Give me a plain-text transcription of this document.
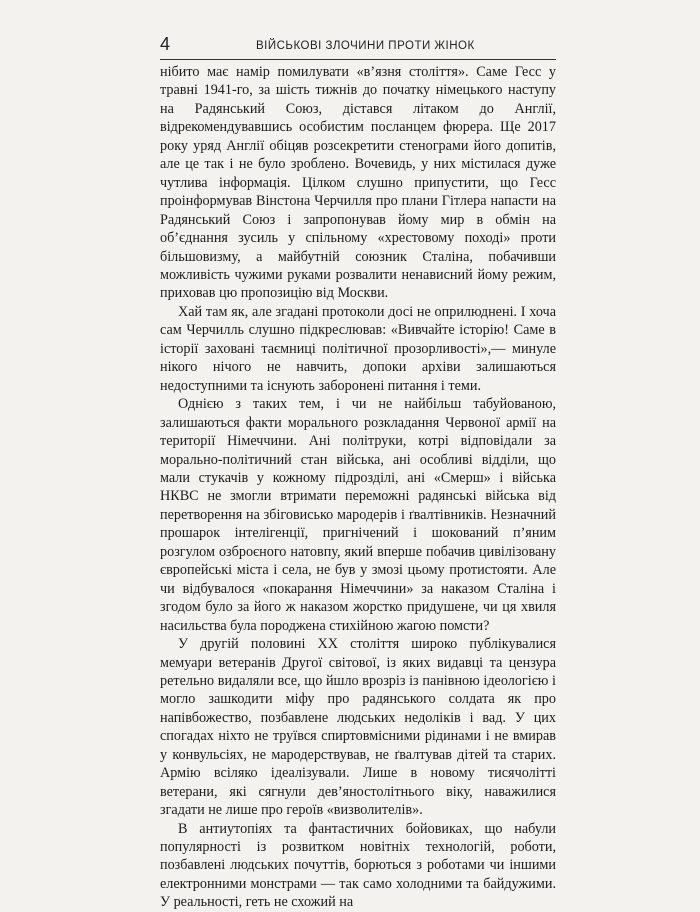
4	ВІЙСЬКОВІ ЗЛОЧИНИ ПРОТИ ЖІНОК

нібито має намір помилувати «в’язня століття». Саме Гесс у травні 1941-го, за шість тижнів до початку німецького наступу на Радянський Союз, дістався літаком до Англії, відрекомендувавшись особистим посланцем фюрера. Ще 2017 року уряд Англії обіцяв розсекретити стенограми його допитів, але це так і не було зроблено. Вочевидь, у них містилася дуже чутлива інформація. Цілком слушно припустити, що Гесс проінформував Вінстона Черчилля про плани Гітлера напасти на Радянський Союз і запропонував йому мир в обмін на об’єднання зусиль у спільному «хрестовому поході» проти більшовизму, а майбутній союзник Сталіна, побачивши можливість чужими руками розвалити ненависний йому режим, приховав цю пропозицію від Москви.

Хай там як, але згадані протоколи досі не оприлюднені. І хоча сам Черчилль слушно підкреслював: «Вивчайте історію! Саме в історії заховані таємниці політичної прозорливості»,— минуле нікого нічого не навчить, допоки архіви залишаються недоступними та існують заборонені питання і теми.

Однією з таких тем, і чи не найбільш табуйованою, залишаються факти морального розкладання Червоної армії на території Німеччини. Ані політруки, котрі відповідали за морально-політичний стан війська, ані особливі відділи, що мали стукачів у кожному підрозділі, ані «Смерш» і війська НКВС не змогли втримати переможні радянські війська від перетворення на збіговисько мародерів і ґвалтівників. Незначний прошарок інтелігенції, пригнічений і шокований п’яним розгулом озброєного натовпу, який вперше побачив цивілізовану європейські міста і села, не був у змозі цьому протистояти. Але чи відбувалося «покарання Німеччини» за наказом Сталіна і згодом було за його ж наказом жорстко придушене, чи ця хвиля насильства була породжена стихійною жагою помсти?

У другій половині XX століття широко публікувалися мемуари ветеранів Другої світової, із яких видавці та цензура ретельно видаляли все, що йшло врозріз із панівною ідеологією і могло зашкодити міфу про радянського солдата як про напівбожество, позбавлене людських недоліків і вад. У цих спогадах ніхто не труївся спиртовмісними рідинами і не вмирав у конвульсіях, не мародерствував, не ґвалтував дітей та старих. Армію всіляко ідеалізували. Лише в новому тисячолітті ветерани, які сягнули дев’яностолітнього віку, наважилися згадати не лише про героїв «визволителів».

В антиутопіях та фантастичних бойовиках, що набули популярності із розвитком новітніх технологій, роботи, позбавлені людських почуттів, борються з роботами чи іншими електронними монстрами — так само холодними та байдужими. У реальності, геть не схожий на
